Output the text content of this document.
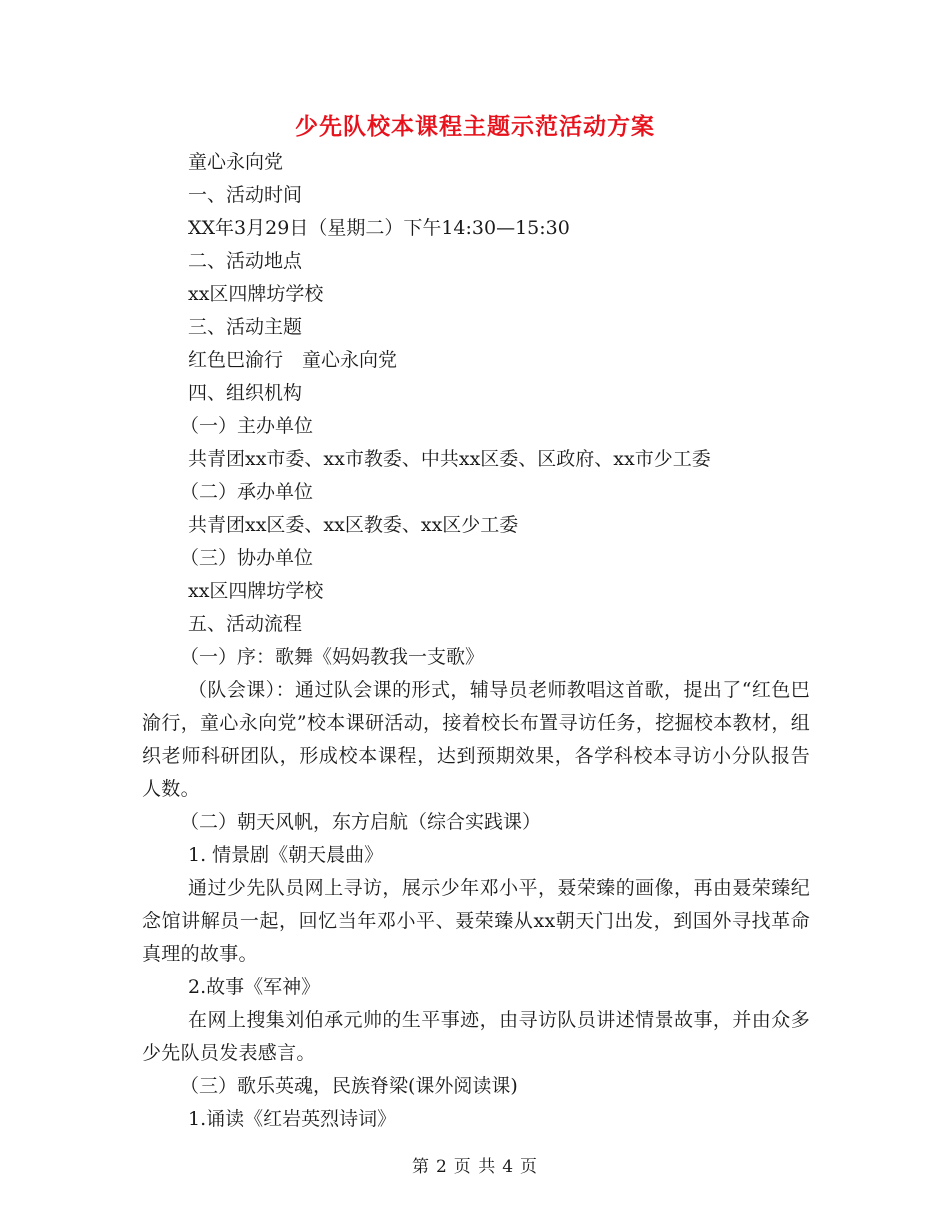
少先队校本课程主题示范活动方案

童心永向党

一、活动时间

XX年3月29日（星期二）下午14:30—15:30

二、活动地点

xx区四牌坊学校

三、活动主题

红色巴渝行　童心永向党

四、组织机构

（一）主办单位

共青团xx市委、xx市教委、中共xx区委、区政府、xx市少工委

（二）承办单位

共青团xx区委、xx区教委、xx区少工委

（三）协办单位

xx区四牌坊学校

五、活动流程

（一）序：歌舞《妈妈教我一支歌》

（队会课）：通过队会课的形式，辅导员老师教唱这首歌，提出了“红色巴渝行，童心永向党”校本课研活动，接着校长布置寻访任务，挖掘校本教材，组织老师科研团队，形成校本课程，达到预期效果，各学科校本寻访小分队报告人数。

（二）朝天风帆，东方启航（综合实践课）

1. 情景剧《朝天晨曲》

通过少先队员网上寻访，展示少年邓小平，聂荣臻的画像，再由聂荣臻纪念馆讲解员一起，回忆当年邓小平、聂荣臻从xx朝天门出发，到国外寻找革命真理的故事。

2.故事《军神》

在网上搜集刘伯承元帅的生平事迹，由寻访队员讲述情景故事，并由众多少先队员发表感言。

（三）歌乐英魂，民族脊梁(课外阅读课)

1.诵读《红岩英烈诗词》

第 2 页 共 4 页
